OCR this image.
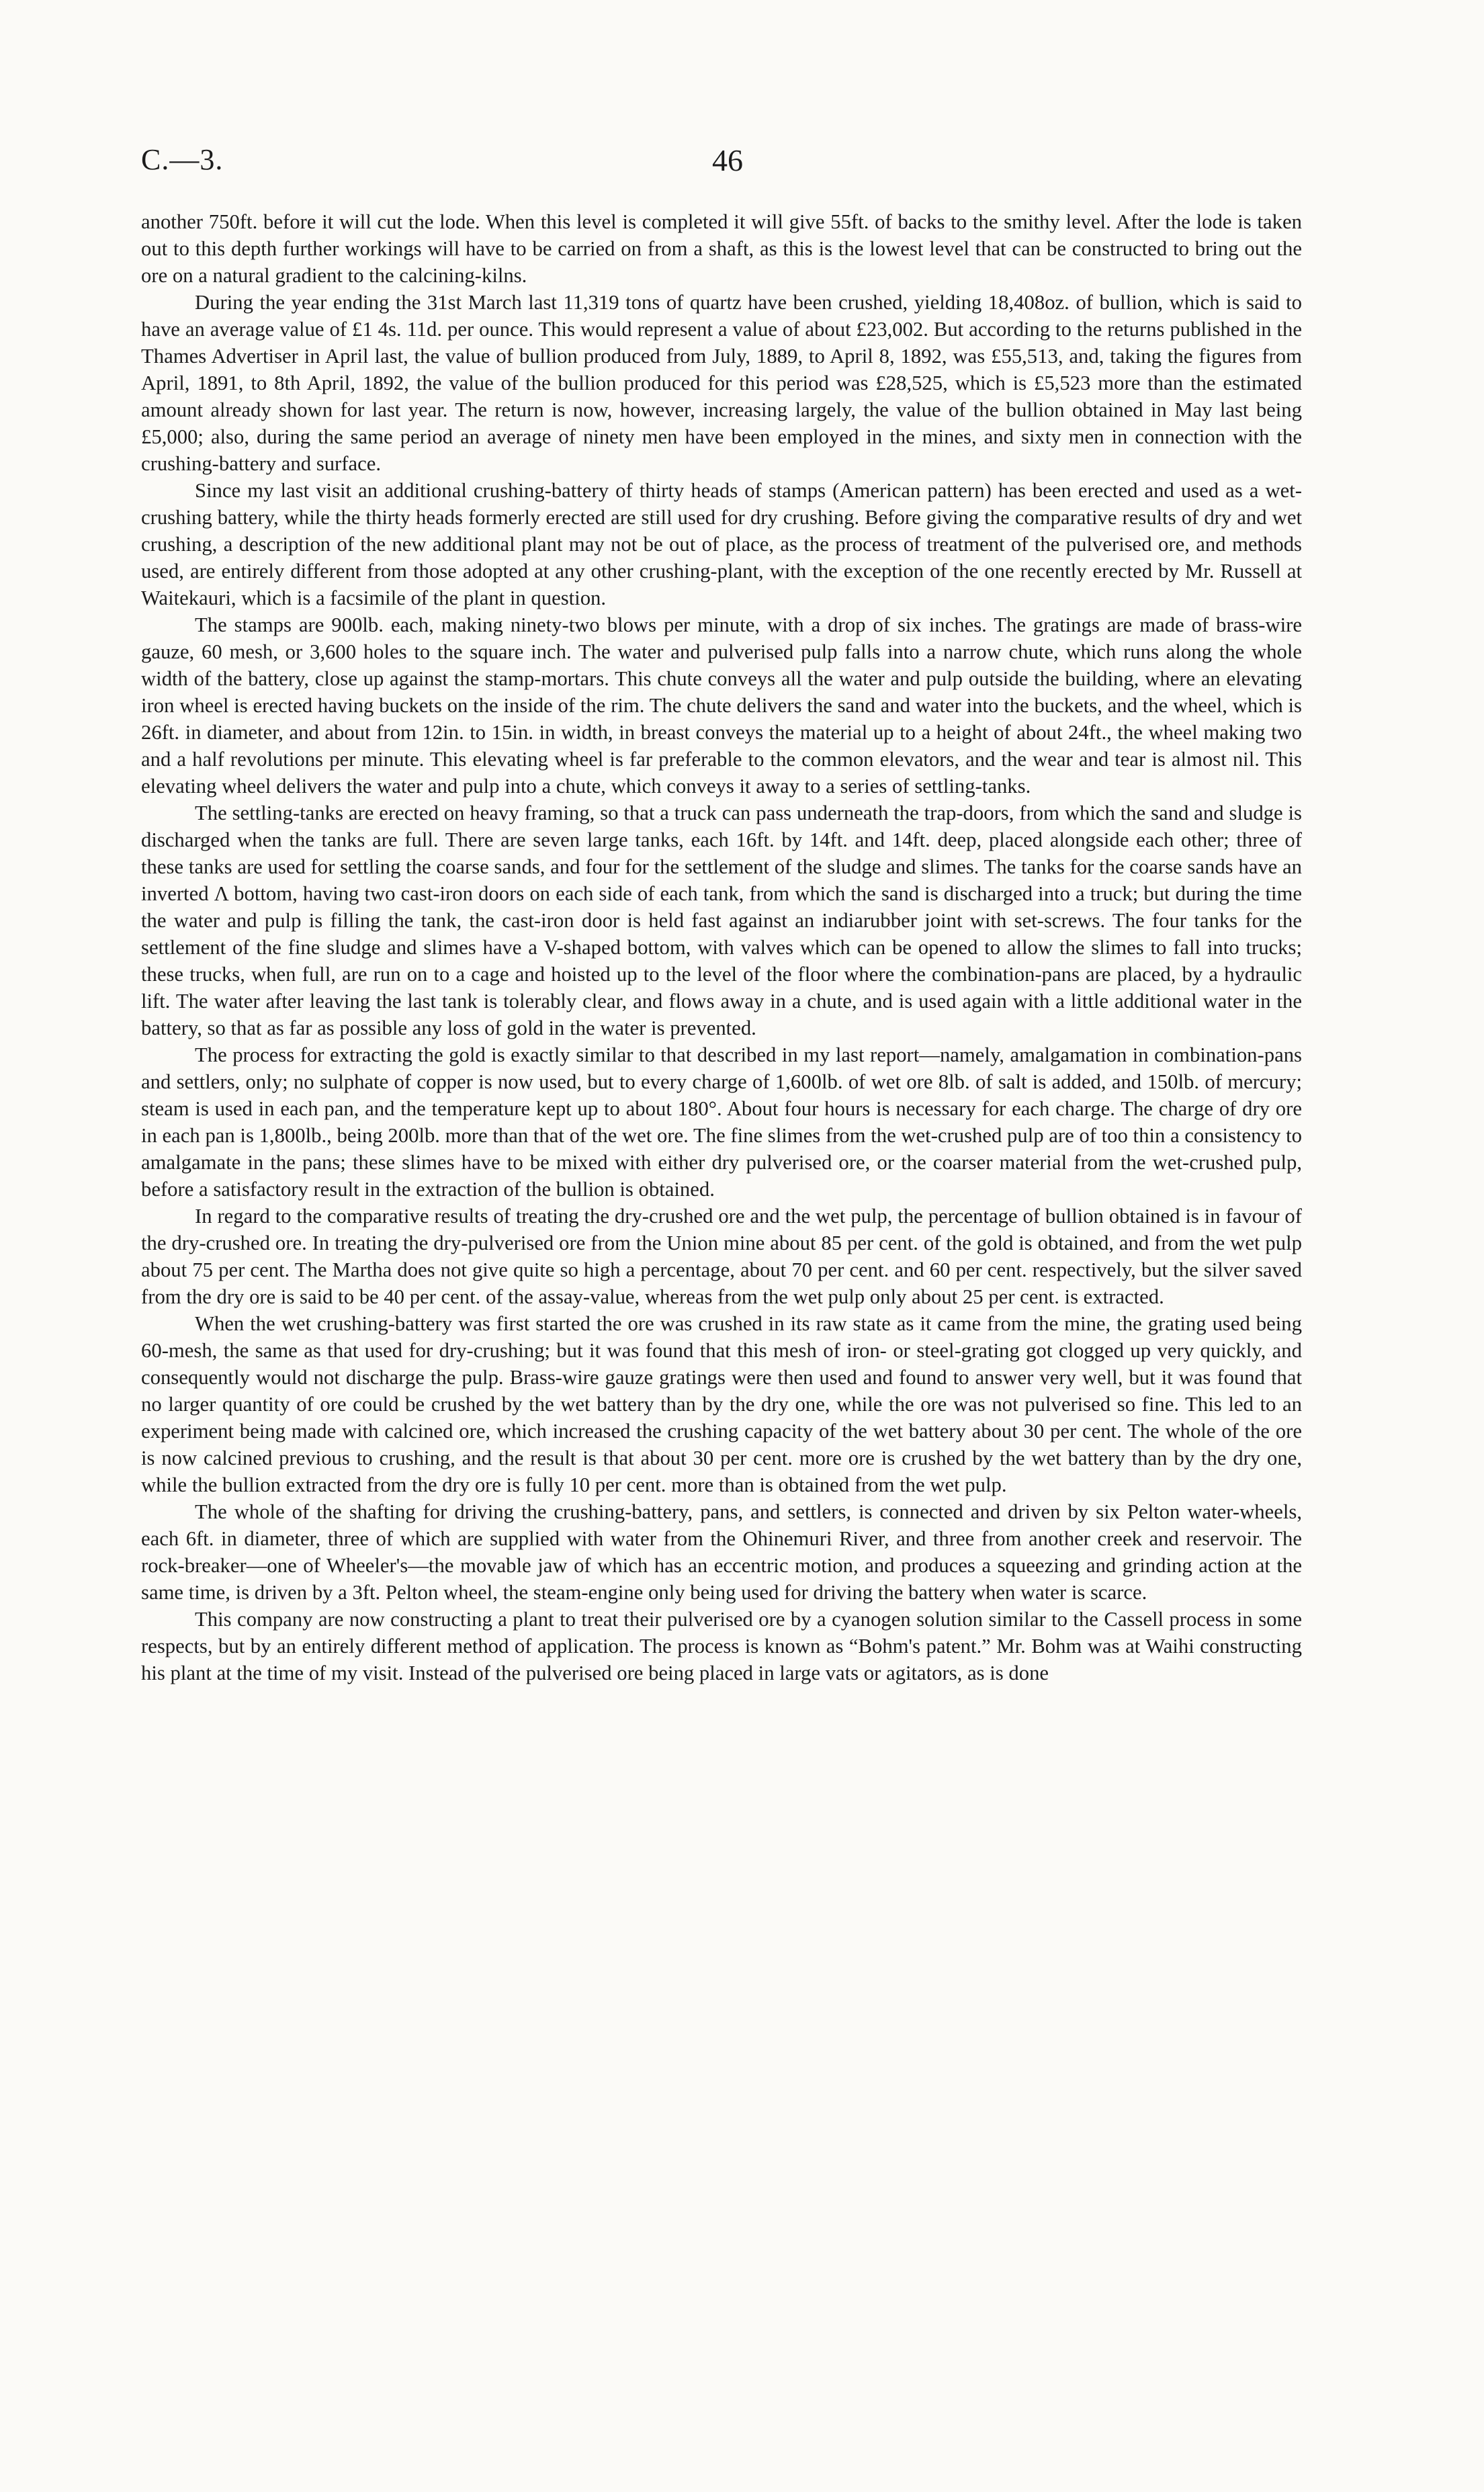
C.—3.	46

another 750ft. before it will cut the lode. When this level is completed it will give 55ft. of backs to the smithy level. After the lode is taken out to this depth further workings will have to be carried on from a shaft, as this is the lowest level that can be constructed to bring out the ore on a natural gradient to the calcining-kilns.

During the year ending the 31st March last 11,319 tons of quartz have been crushed, yielding 18,408oz. of bullion, which is said to have an average value of £1 4s. 11d. per ounce. This would represent a value of about £23,002. But according to the returns published in the Thames Advertiser in April last, the value of bullion produced from July, 1889, to April 8, 1892, was £55,513, and, taking the figures from April, 1891, to 8th April, 1892, the value of the bullion produced for this period was £28,525, which is £5,523 more than the estimated amount already shown for last year. The return is now, however, increasing largely, the value of the bullion obtained in May last being £5,000; also, during the same period an average of ninety men have been employed in the mines, and sixty men in connection with the crushing-battery and surface.

Since my last visit an additional crushing-battery of thirty heads of stamps (American pattern) has been erected and used as a wet-crushing battery, while the thirty heads formerly erected are still used for dry crushing. Before giving the comparative results of dry and wet crushing, a description of the new additional plant may not be out of place, as the process of treatment of the pulverised ore, and methods used, are entirely different from those adopted at any other crushing-plant, with the exception of the one recently erected by Mr. Russell at Waitekauri, which is a facsimile of the plant in question.

The stamps are 900lb. each, making ninety-two blows per minute, with a drop of six inches. The gratings are made of brass-wire gauze, 60 mesh, or 3,600 holes to the square inch. The water and pulverised pulp falls into a narrow chute, which runs along the whole width of the battery, close up against the stamp-mortars. This chute conveys all the water and pulp outside the building, where an elevating iron wheel is erected having buckets on the inside of the rim. The chute delivers the sand and water into the buckets, and the wheel, which is 26ft. in diameter, and about from 12in. to 15in. in width, in breast conveys the material up to a height of about 24ft., the wheel making two and a half revolutions per minute. This elevating wheel is far preferable to the common elevators, and the wear and tear is almost nil. This elevating wheel delivers the water and pulp into a chute, which conveys it away to a series of settling-tanks.

The settling-tanks are erected on heavy framing, so that a truck can pass underneath the trap-doors, from which the sand and sludge is discharged when the tanks are full. There are seven large tanks, each 16ft. by 14ft. and 14ft. deep, placed alongside each other; three of these tanks are used for settling the coarse sands, and four for the settlement of the sludge and slimes. The tanks for the coarse sands have an inverted Λ bottom, having two cast-iron doors on each side of each tank, from which the sand is discharged into a truck; but during the time the water and pulp is filling the tank, the cast-iron door is held fast against an indiarubber joint with set-screws. The four tanks for the settlement of the fine sludge and slimes have a V-shaped bottom, with valves which can be opened to allow the slimes to fall into trucks; these trucks, when full, are run on to a cage and hoisted up to the level of the floor where the combination-pans are placed, by a hydraulic lift. The water after leaving the last tank is tolerably clear, and flows away in a chute, and is used again with a little additional water in the battery, so that as far as possible any loss of gold in the water is prevented.

The process for extracting the gold is exactly similar to that described in my last report—namely, amalgamation in combination-pans and settlers, only; no sulphate of copper is now used, but to every charge of 1,600lb. of wet ore 8lb. of salt is added, and 150lb. of mercury; steam is used in each pan, and the temperature kept up to about 180°. About four hours is necessary for each charge. The charge of dry ore in each pan is 1,800lb., being 200lb. more than that of the wet ore. The fine slimes from the wet-crushed pulp are of too thin a consistency to amalgamate in the pans; these slimes have to be mixed with either dry pulverised ore, or the coarser material from the wet-crushed pulp, before a satisfactory result in the extraction of the bullion is obtained.

In regard to the comparative results of treating the dry-crushed ore and the wet pulp, the percentage of bullion obtained is in favour of the dry-crushed ore. In treating the dry-pulverised ore from the Union mine about 85 per cent. of the gold is obtained, and from the wet pulp about 75 per cent. The Martha does not give quite so high a percentage, about 70 per cent. and 60 per cent. respectively, but the silver saved from the dry ore is said to be 40 per cent. of the assay-value, whereas from the wet pulp only about 25 per cent. is extracted.

When the wet crushing-battery was first started the ore was crushed in its raw state as it came from the mine, the grating used being 60-mesh, the same as that used for dry-crushing; but it was found that this mesh of iron- or steel-grating got clogged up very quickly, and consequently would not discharge the pulp. Brass-wire gauze gratings were then used and found to answer very well, but it was found that no larger quantity of ore could be crushed by the wet battery than by the dry one, while the ore was not pulverised so fine. This led to an experiment being made with calcined ore, which increased the crushing capacity of the wet battery about 30 per cent. The whole of the ore is now calcined previous to crushing, and the result is that about 30 per cent. more ore is crushed by the wet battery than by the dry one, while the bullion extracted from the dry ore is fully 10 per cent. more than is obtained from the wet pulp.

The whole of the shafting for driving the crushing-battery, pans, and settlers, is connected and driven by six Pelton water-wheels, each 6ft. in diameter, three of which are supplied with water from the Ohinemuri River, and three from another creek and reservoir. The rock-breaker—one of Wheeler's—the movable jaw of which has an eccentric motion, and produces a squeezing and grinding action at the same time, is driven by a 3ft. Pelton wheel, the steam-engine only being used for driving the battery when water is scarce.

This company are now constructing a plant to treat their pulverised ore by a cyanogen solution similar to the Cassell process in some respects, but by an entirely different method of application. The process is known as “Bohm's patent.” Mr. Bohm was at Waihi constructing his plant at the time of my visit. Instead of the pulverised ore being placed in large vats or agitators, as is done
